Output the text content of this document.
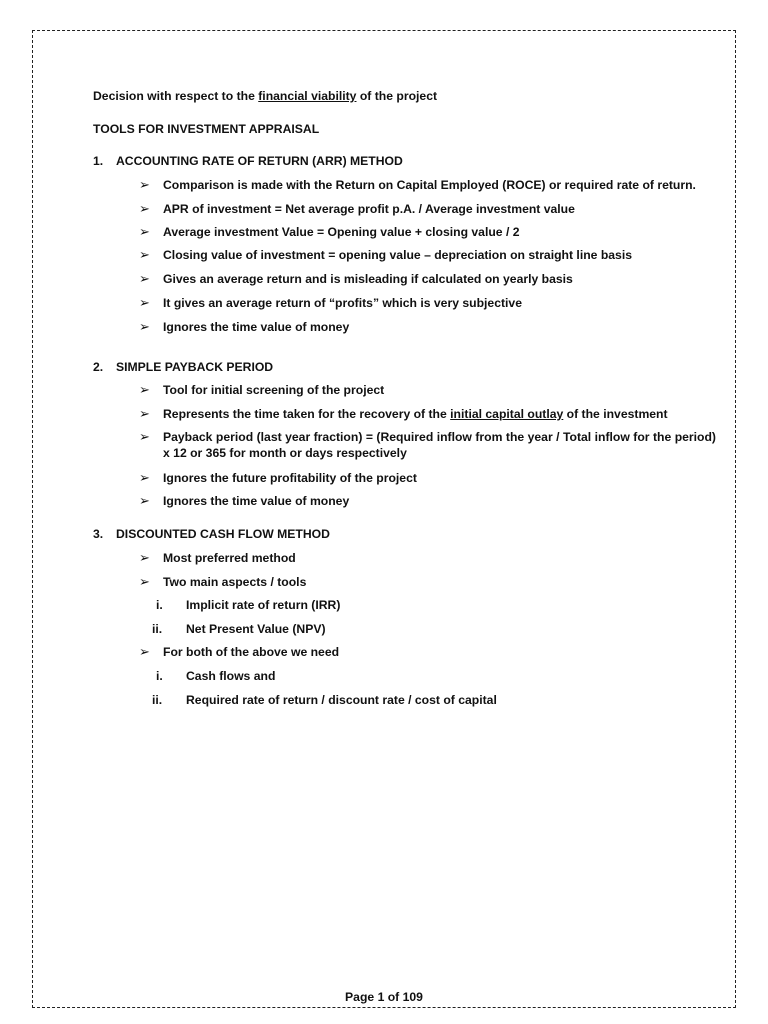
Decision with respect to the financial viability of the project
TOOLS FOR INVESTMENT APPRAISAL
1. ACCOUNTING RATE OF RETURN (ARR) METHOD
➢ Comparison is made with the Return on Capital Employed (ROCE) or required rate of return.
➢ APR of investment = Net average profit p.A. / Average investment value
➢ Average investment Value = Opening value + closing value / 2
➢ Closing value of investment = opening value – depreciation on straight line basis
➢ Gives an average return and is misleading if calculated on yearly basis
➢ It gives an average return of “profits” which is very subjective
➢ Ignores the time value of money
2. SIMPLE PAYBACK PERIOD
➢ Tool for initial screening of the project
➢ Represents the time taken for the recovery of the initial capital outlay of the investment
➢ Payback period (last year fraction) = (Required inflow from the year / Total inflow for the period) x 12 or 365 for month or days respectively
➢ Ignores the future profitability of the project
➢ Ignores the time value of money
3. DISCOUNTED CASH FLOW METHOD
➢ Most preferred method
➢ Two main aspects / tools
i. Implicit rate of return (IRR)
ii. Net Present Value (NPV)
➢ For both of the above we need
i. Cash flows and
ii. Required rate of return / discount rate / cost of capital
Page 1 of 109
